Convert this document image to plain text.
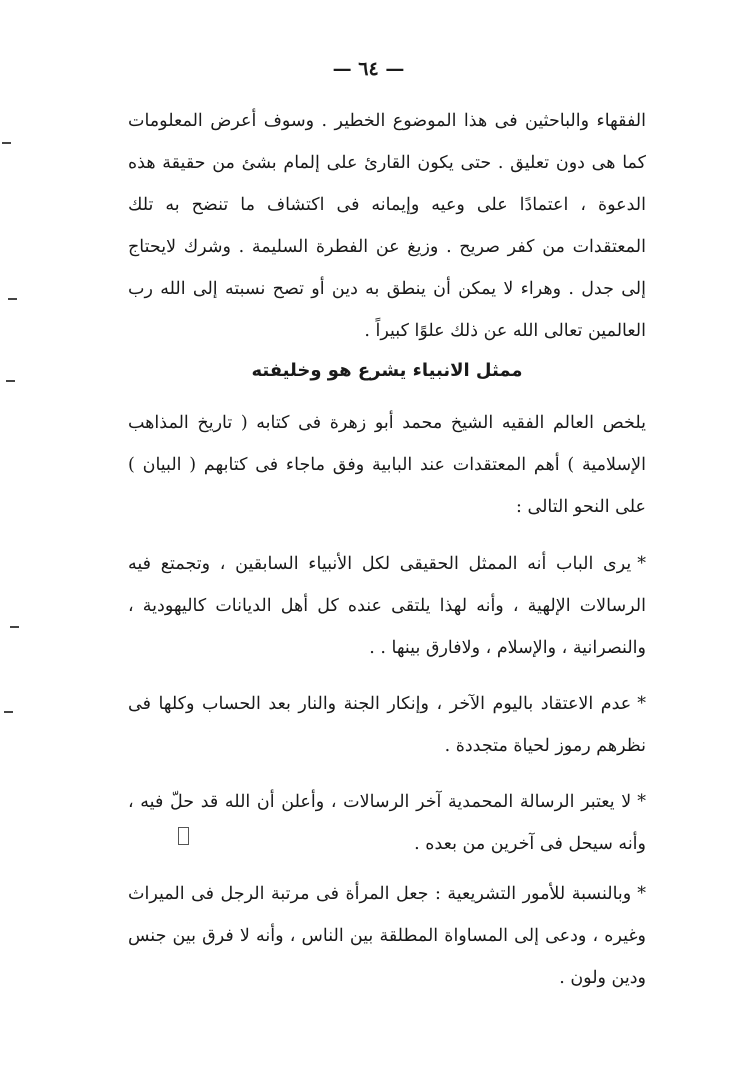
— ٦٤ —

الفقهاء والباحثين فى هذا الموضوع الخطير . وسوف أعرض المعلومات كما هى دون تعليق . حتى يكون القارئ على إلمام بشئ من حقيقة هذه الدعوة ، اعتمادًا على وعيه وإيمانه فى اكتشاف ما تنضح به تلك المعتقدات من كفر صريح . وزيغ عن الفطرة السليمة . وشرك لايحتاج إلى جدل . وهراء لا يمكن أن ينطق به دين أو تصح نسبته إلى الله رب العالمين تعالى الله عن ذلك علوًا كبيراً .

ممثل الانبياء يشرع هو وخليفته

يلخص العالم الفقيه الشيخ محمد أبو زهرة فى كتابه ( تاريخ المذاهب الإسلامية ) أهم المعتقدات عند البابية وفق ماجاء فى كتابهم ( البيان ) على النحو التالى :

*يرى الباب أنه الممثل الحقيقى لكل الأنبياء السابقين ، وتجمتع فيه الرسالات الإلهية ، وأنه لهذا يلتقى عنده كل أهل الديانات كاليهودية ، والنصرانية ، والإسلام ، ولافارق بينها . .

*عدم الاعتقاد باليوم الآخر ، وإنكار الجنة والنار بعد الحساب وكلها فى نظرهم رموز لحياة متجددة .

*لا يعتبر الرسالة المحمدية آخر الرسالات ، وأعلن أن الله قد حلّ فيه ، وأنه سيحل فى آخرين من بعده .

*وبالنسبة للأمور التشريعية : جعل المرأة فى مرتبة الرجل فى الميراث وغيره ، ودعى إلى المساواة المطلقة بين الناس ، وأنه لا فرق بين جنس ودين ولون .
